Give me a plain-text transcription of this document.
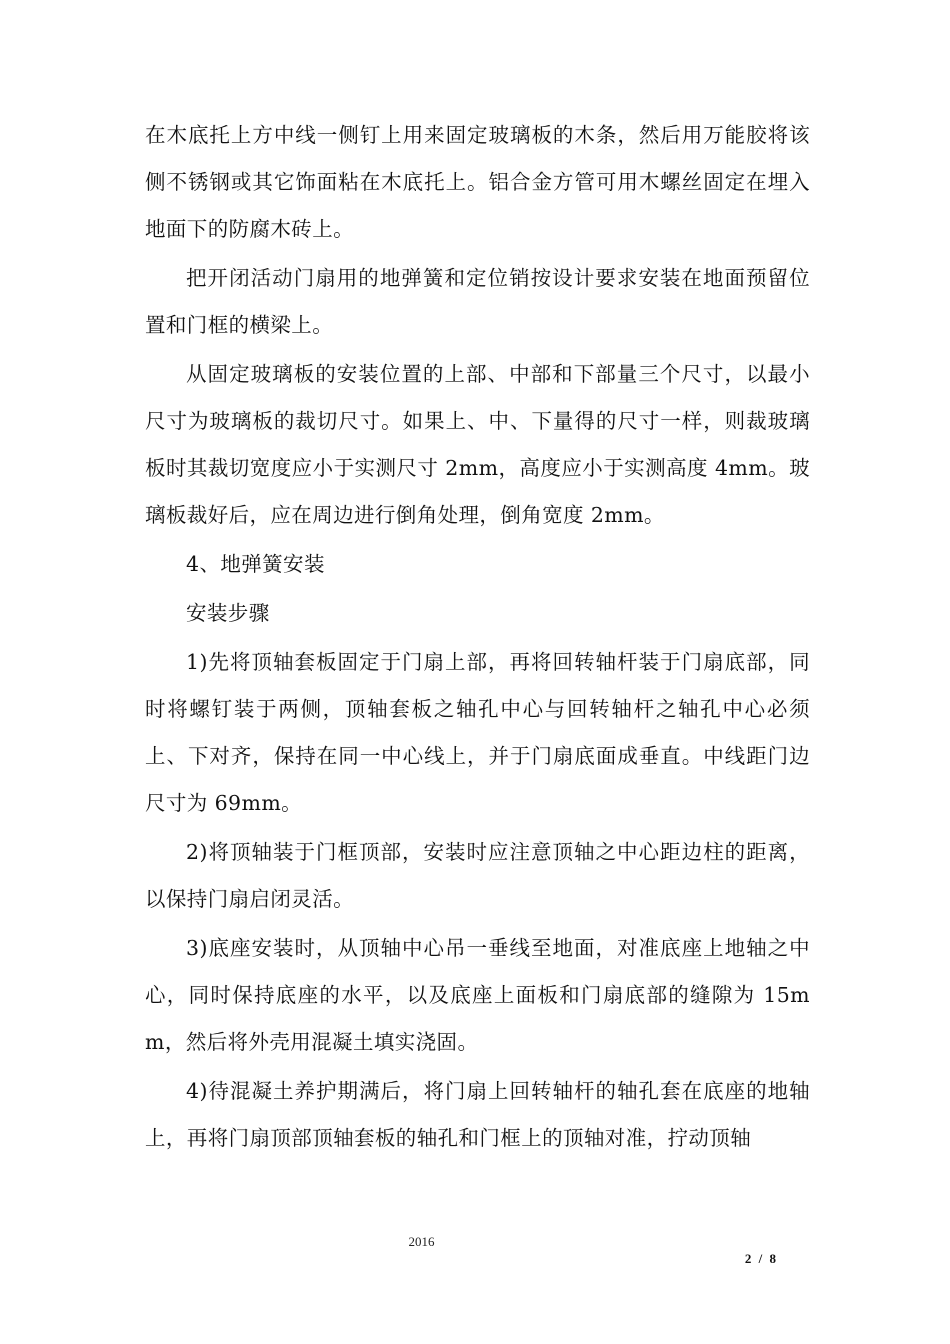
在木底托上方中线一侧钉上用来固定玻璃板的木条，然后用万能胶将该侧不锈钢或其它饰面粘在木底托上。铝合金方管可用木螺丝固定在埋入地面下的防腐木砖上。

把开闭活动门扇用的地弹簧和定位销按设计要求安装在地面预留位置和门框的横梁上。

从固定玻璃板的安装位置的上部、中部和下部量三个尺寸，以最小尺寸为玻璃板的裁切尺寸。如果上、中、下量得的尺寸一样，则裁玻璃板时其裁切宽度应小于实测尺寸 2mm，高度应小于实测高度 4mm。玻璃板裁好后，应在周边进行倒角处理，倒角宽度 2mm。

4、地弹簧安装

安装步骤

1)先将顶轴套板固定于门扇上部，再将回转轴杆装于门扇底部，同时将螺钉装于两侧，顶轴套板之轴孔中心与回转轴杆之轴孔中心必须上、下对齐，保持在同一中心线上，并于门扇底面成垂直。中线距门边尺寸为 69mm。

2)将顶轴装于门框顶部，安装时应注意顶轴之中心距边柱的距离，以保持门扇启闭灵活。

3)底座安装时，从顶轴中心吊一垂线至地面，对准底座上地轴之中心，同时保持底座的水平，以及底座上面板和门扇底部的缝隙为 15mm，然后将外壳用混凝土填实浇固。

4)待混凝土养护期满后，将门扇上回转轴杆的轴孔套在底座的地轴上，再将门扇顶部顶轴套板的轴孔和门框上的顶轴对准，拧动顶轴

2016
2 / 8
